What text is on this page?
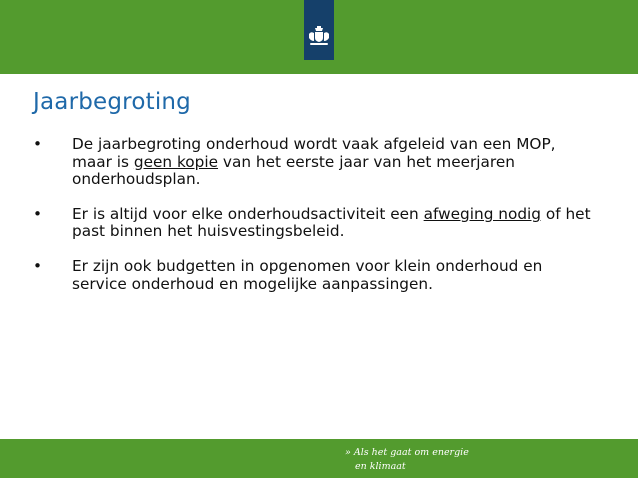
Jaarbegroting
• De jaarbegroting onderhoud wordt vaak afgeleid van een MOP, maar is geen kopie van het eerste jaar van het meerjaren onderhoudsplan.
• Er is altijd voor elke onderhoudsactiviteit een afweging nodig of het past binnen het huisvestingsbeleid.
• Er zijn ook budgetten in opgenomen voor klein onderhoud en service onderhoud en mogelijke aanpassingen.
» Als het gaat om energie
en klimaat
